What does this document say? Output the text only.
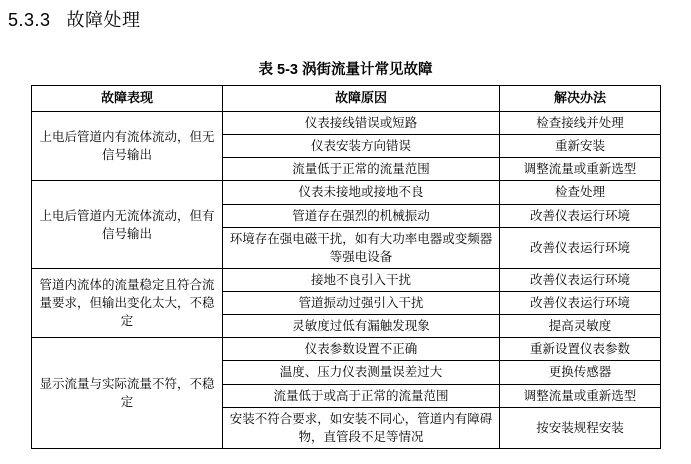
5.3.3 故障处理
表 5-3 涡街流量计常见故障
故障表现	故障原因	解决办法
上电后管道内有流体流动，但无信号输出	仪表接线错误或短路	检查接线并处理
	仪表安装方向错误	重新安装
	流量低于正常的流量范围	调整流量或重新选型
上电后管道内无流体流动，但有信号输出	仪表未接地或接地不良	检查处理
	管道存在强烈的机械振动	改善仪表运行环境
	环境存在强电磁干扰，如有大功率电器或变频器等强电设备	改善仪表运行环境
管道内流体的流量稳定且符合流量要求，但输出变化太大，不稳定	接地不良引入干扰	改善仪表运行环境
	管道振动过强引入干扰	改善仪表运行环境
	灵敏度过低有漏触发现象	提高灵敏度
显示流量与实际流量不符，不稳定	仪表参数设置不正确	重新设置仪表参数
	温度、压力仪表测量误差过大	更换传感器
	流量低于或高于正常的流量范围	调整流量或重新选型
	安装不符合要求，如安装不同心，管道内有障碍物，直管段不足等情况	按安装规程安装
